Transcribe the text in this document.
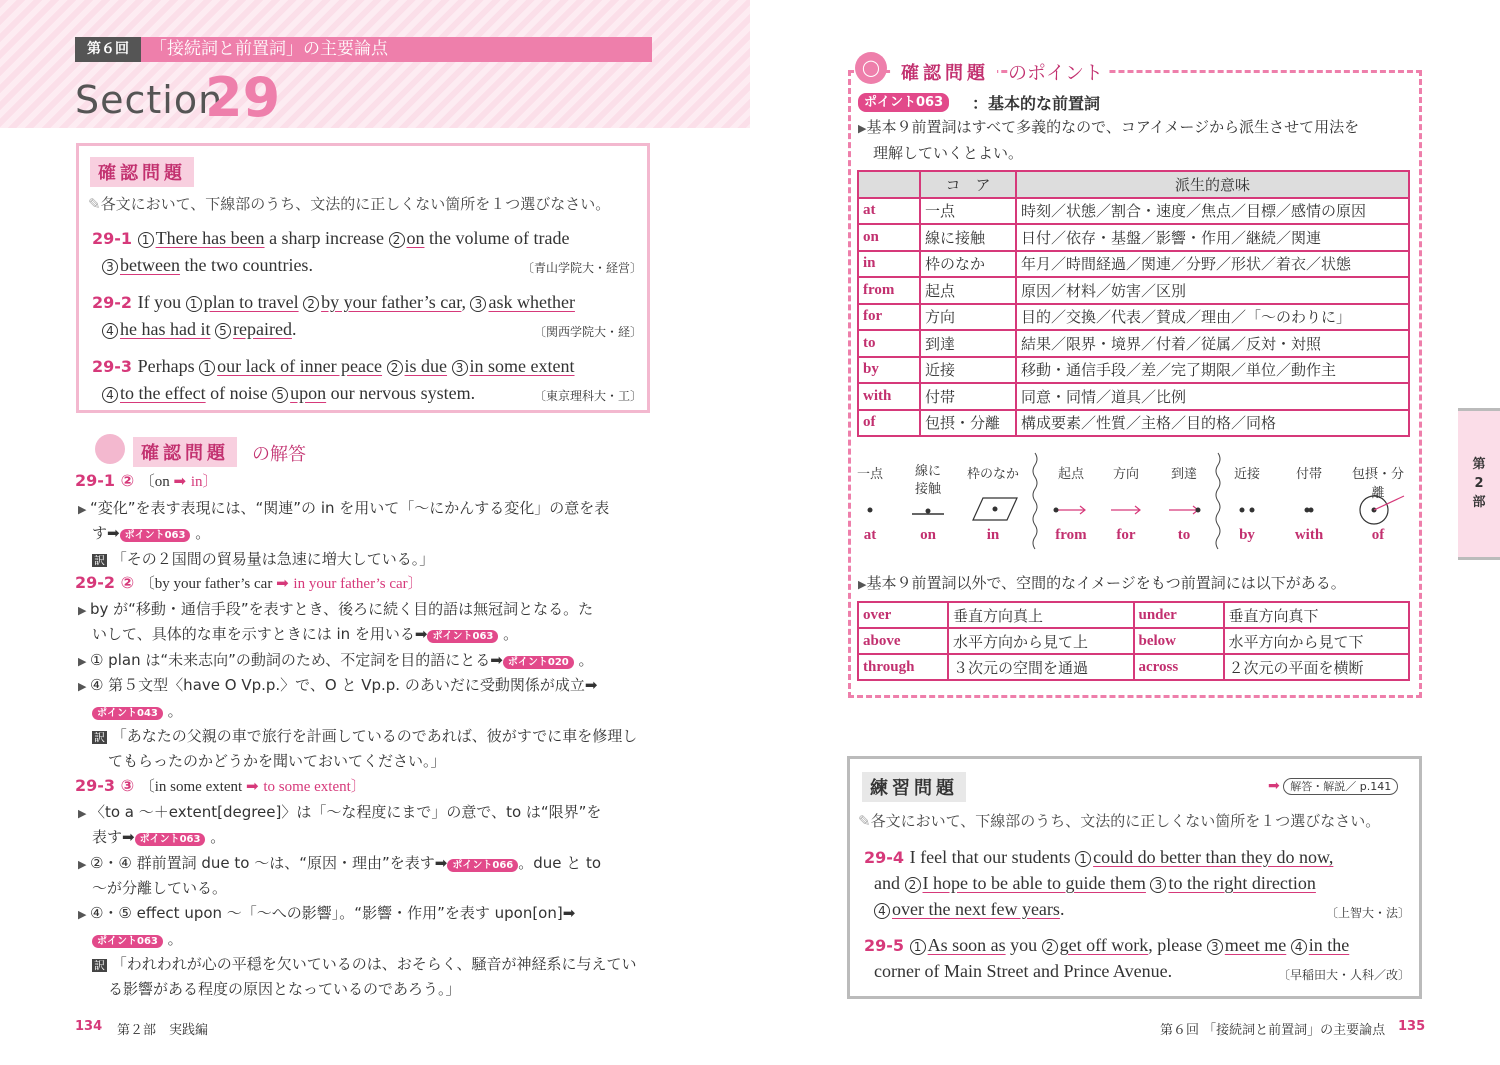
第６回	「接続詞と前置詞」の主要論点
Section
29
確認問題
✎各文において、下線部のうち、文法的に正しくない箇所を１つ選びなさい。
29-1 1 There has been a sharp increase 2 on the volume of trade
3 between the two countries.	〔青山学院大・経営〕
29-2 If you 1 plan to travel 2 by your father’s car, 3 ask whether
4 he has had it 5 repaired.	〔関西学院大・経〕
29-3 Perhaps 1 our lack of inner peace 2 is due 3 in some extent
4 to the effect of noise 5 upon our nervous system.	〔東京理科大・工〕
確認問題	の解答
29-1 ② 〔on ➡ in〕
▶ “変化”を表す表現には、“関連”の in を用いて「～にかんする変化」の意を表
す➡ ポイント063 。
訳 「その２国間の貿易量は急速に増大している。」
29-2 ② 〔by your father’s car ➡ in your father’s car〕
▶ by が“移動・通信手段”を表すとき、後ろに続く目的語は無冠詞となる。た
いして、具体的な車を示すときには in を用いる➡ ポイント063 。
▶ ① plan は“未来志向”の動詞のため、不定詞を目的語にとる➡ ポイント020 。
▶ ④ 第５文型〈have O Vp.p.〉で、O と Vp.p. のあいだに受動関係が成立➡
ポイント043 。
訳 「あなたの父親の車で旅行を計画しているのであれば、彼がすでに車を修理し
てもらったのかどうかを聞いておいてください。」
29-3 ③ 〔in some extent ➡ to some extent〕
▶ 〈to a ～＋extent[degree]〉は「～な程度にまで」の意で、to は“限界”を
表す➡ ポイント063 。
▶ ②・④ 群前置詞 due to ～は、“原因・理由”を表す➡ ポイント066 。due と to
～が分離している。
▶ ④・⑤ effect upon ～「～への影響」。“影響・作用”を表す upon[on]➡
ポイント063 。
訳 「われわれが心の平穏を欠いているのは、おそらく、騒音が神経系に与えてい
る影響がある程度の原因となっているのであろう。」
134 第２部　実践編
◯	確認問題	のポイント
ポイント063	：基本的な前置詞
▶基本９前置詞はすべて多義的なので、コアイメージから派生させて用法を
理解していくとよい。
	コ　ア	派生的意味
at	一点	時刻／状態／割合・速度／焦点／目標／感情の原因
on	線に接触	日付／依存・基盤／影響・作用／継続／関連
in	枠のなか	年月／時間経過／関連／分野／形状／着衣／状態
from	起点	原因／材料／妨害／区別
for	方向	目的／交換／代表／賛成／理由／「～のわりに」
to	到達	結果／限界・境界／付着／従属／反対・対照
by	近接	移動・通信手段／差／完了期限／単位／動作主
with	付帯	同意・同情／道具／比例
of	包摂・分離	構成要素／性質／主格／目的格／同格
一点
at
線に接触
on
枠のなか
in
起点
from
方向
for
到達
to
近接
by
付帯
with
包摂・分離
of
▶基本９前置詞以外で、空間的なイメージをもつ前置詞には以下がある。
over	垂直方向真上	under	垂直方向真下
above	水平方向から見て上	below	水平方向から見て下
through	３次元の空間を通過	across	２次元の平面を横断
練習問題	➡ 解答・解説／ p.141
✎各文において、下線部のうち、文法的に正しくない箇所を１つ選びなさい。
29-4 I feel that our students 1 could do better than they do now,
and 2 I hope to be able to guide them 3 to the right direction
4 over the next few years.	〔上智大・法〕
29-5 1 As soon as you 2 get off work, please 3 meet me 4 in the
corner of Main Street and Prince Avenue.	〔早稲田大・人科／改〕
第
2
部
第６回 「接続詞と前置詞」の主要論点 135
